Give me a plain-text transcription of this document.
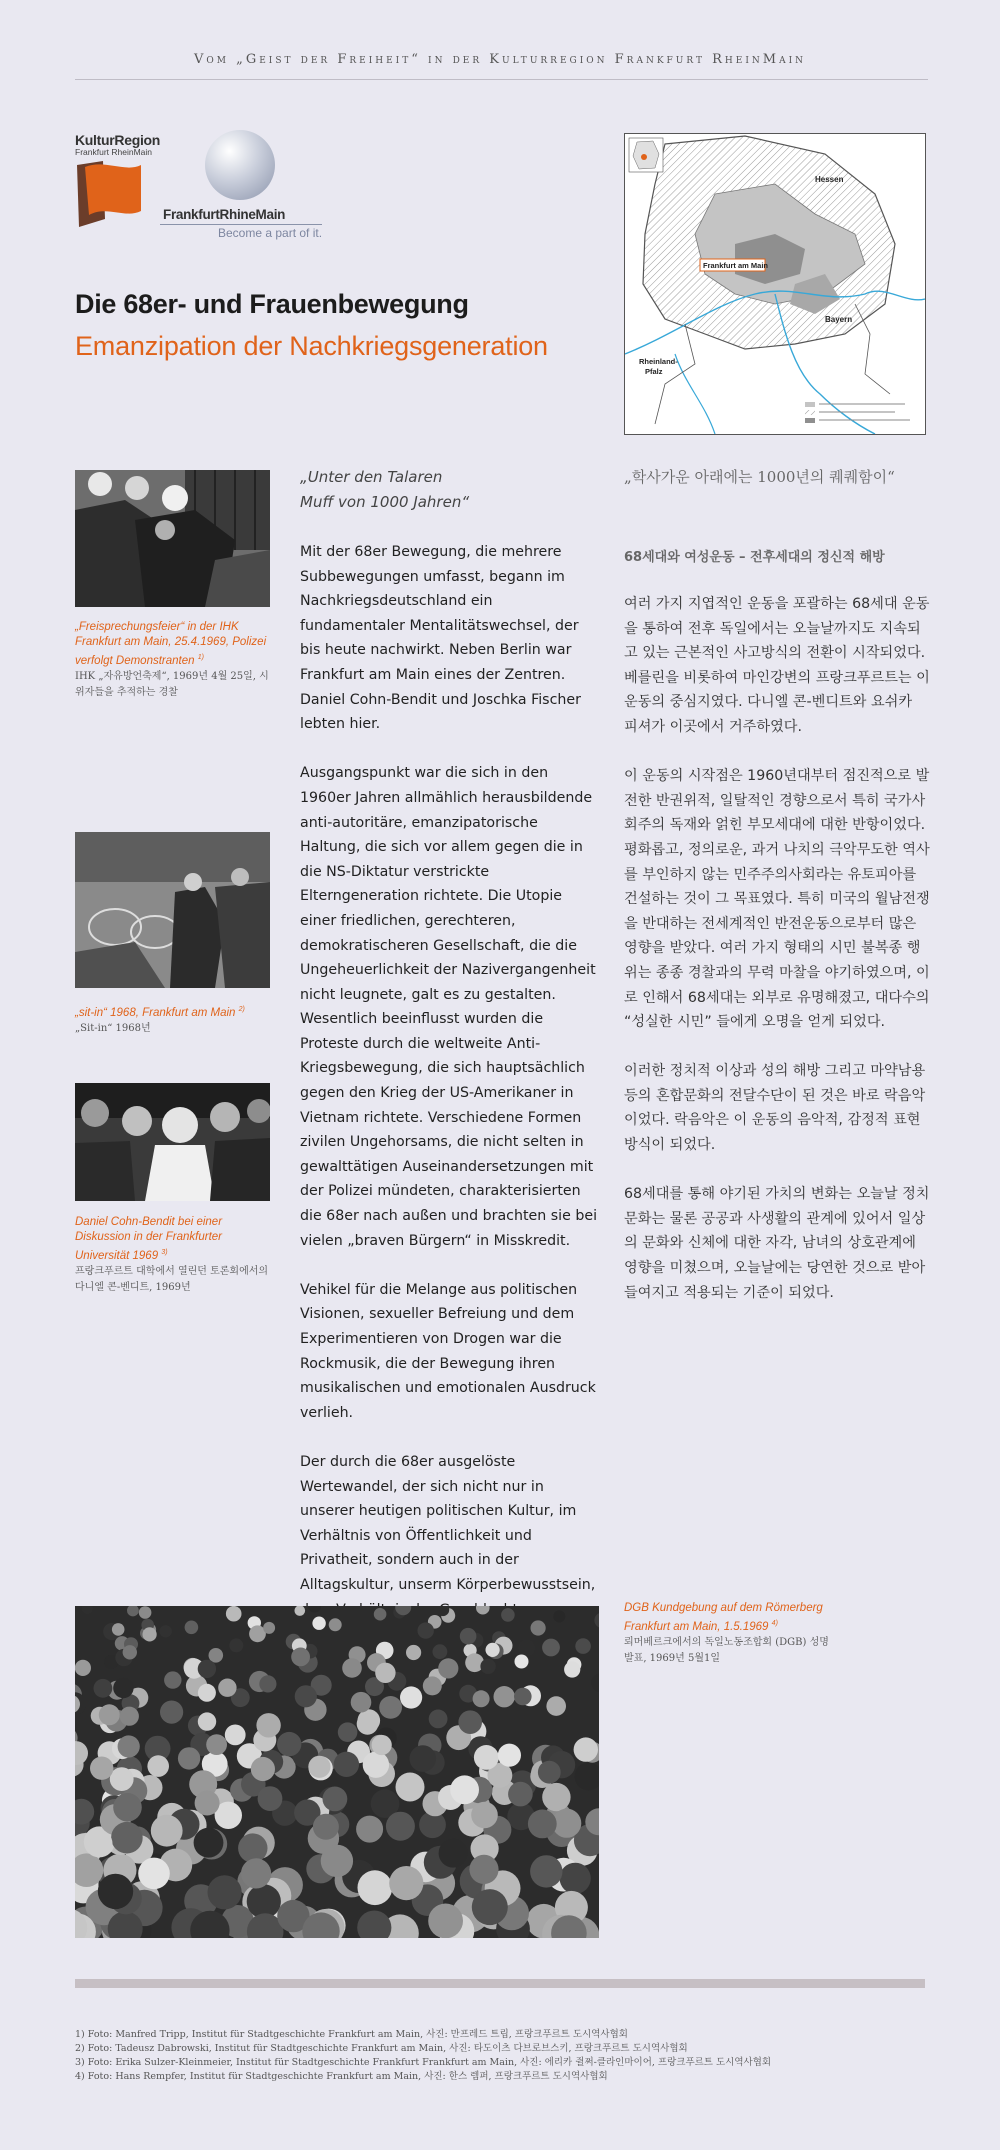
Vom „Geist der Freiheit“ in der Kulturregion Frankfurt RheinMain
KulturRegion
Frankfurt RheinMain
FrankfurtRhineMain
Become a part of it.
Frankfurt am Main
Hessen
Bayern
Rheinland-
Pfalz
Die 68er- und Frauenbewegung
Emanzipation der Nachkriegsgeneration
„Freisprechungsfeier“ in der IHK Frankfurt am Main, 25.4.1969, Polizei verfolgt Demonstranten $^{1)}$
IHK „자유방언축제“, 1969년 4월 25일, 시위자들을 추적하는 경찰
„sit-in“ 1968, Frankfurt am Main $^{2)}$
„Sit-in“ 1968년
Daniel Cohn-Bendit bei einer Diskussion in der Frankfurter Universität 1969 $^{3)}$
프랑크푸르트 대학에서 열린던 토론회에서의 다니엘 콘-벤디트, 1969년
„Unter den Talaren
Muff von 1000 Jahren“

Mit der 68er Bewegung, die mehrere Subbewegungen umfasst, begann im Nachkriegsdeutschland ein fundamentaler Mentalitätswechsel, der bis heute nachwirkt. Neben Berlin war Frankfurt am Main eines der Zentren. Daniel Cohn-Bendit und Joschka Fischer lebten hier.

Ausgangspunkt war die sich in den 1960er Jahren allmählich herausbildende anti-autoritäre, emanzipatorische Haltung, die sich vor allem gegen die in die NS-Diktatur verstrickte Elterngeneration richtete. Die Utopie einer friedlichen, gerechteren, demokratischeren Gesellschaft, die die Ungeheuerlichkeit der Nazivergangenheit nicht leugnete, galt es zu gestalten. Wesentlich beeinflusst wurden die Proteste durch die weltweite Anti-Kriegsbewegung, die sich hauptsächlich gegen den Krieg der US-Amerikaner in Vietnam richtete. Verschiedene Formen zivilen Ungehorsams, die nicht selten in gewalttätigen Auseinandersetzungen mit der Polizei mündeten, charakterisierten die 68er nach außen und brachten sie bei vielen „braven Bürgern“ in Misskredit.

Vehikel für die Melange aus politischen Visionen, sexueller Befreiung und dem Experimentieren von Drogen war die Rockmusik, die der Bewegung ihren musikalischen und emotionalen Ausdruck verlieh.

Der durch die 68er ausgelöste Wertewandel, der sich nicht nur in unserer heutigen politischen Kultur, im Verhältnis von Öffentlichkeit und Privatheit, sondern auch in der Alltagskultur, unserm Körperbewusstsein,

„학사가운 아래에는 1000년의 퀘퀘함이“
68세대와 여성운동 – 전후세대의 정신적 해방

여러 가지 지엽적인 운동을 포괄하는 68세대 운동을 통하여 전후 독일에서는 오늘날까지도 지속되고 있는 근본적인 사고방식의 전환이 시작되었다. 베를린을 비롯하여 마인강변의 프랑크푸르트는 이 운동의 중심지였다. 다니엘 콘-벤디트와 요쉬카 피셔가 이곳에서 거주하였다.

이 운동의 시작점은 1960년대부터 점진적으로 발전한 반권위적, 일탈적인 경향으로서 특히 국가사회주의 독재와 얽힌 부모세대에 대한 반항이었다. 평화롭고, 정의로운, 과거 나치의 극악무도한 역사를 부인하지 않는 민주주의사회라는 유토피아를 건설하는 것이 그 목표였다. 특히 미국의 월남전쟁을 반대하는 전세계적인 반전운동으로부터 많은 영향을 받았다. 여러 가지 형태의 시민 불복종 행위는 종종 경찰과의 무력 마찰을 야기하였으며, 이로 인해서 68세대는 외부로 유명해졌고, 대다수의 “성실한 시민” 들에게 오명을 얻게 되었다.

이러한 정치적 이상과 성의 해방 그리고 마약남용 등의 혼합문화의 전달수단이 된 것은 바로 락음악이었다. 락음악은 이 운동의 음악적, 감정적 표현방식이 되었다.

68세대를 통해 야기된 가치의 변화는 오늘날 정치문화는 물론 공공과 사생활의 관계에 있어서 일상의 문화와 신체에 대한 자각, 남녀의 상호관계에 영향을 미쳤으며, 오늘날에는 당연한 것으로 받아들여지고 적용되는 기준이 되었다.

DGB Kundgebung auf dem Römerberg Frankfurt am Main, 1.5.1969 $^{4)}$
뢰머베르크에서의 독일노동조합회 (DGB) 성명발표, 1969년 5월1일
1) Foto: Manfred Tripp, Institut für Stadtgeschichte Frankfurt am Main, 사진: 만프레드 트립, 프랑크푸르트 도시역사협회
2) Foto: Tadeusz Dabrowski, Institut für Stadtgeschichte Frankfurt am Main, 사진: 타도이츠 다브로브스키, 프랑크푸르트 도시역사협회
3) Foto: Erika Sulzer-Kleinmeier, Institut für Stadtgeschichte Frankfurt Frankfurt am Main, 사진: 에리카 쥘쩌-클라인마이어, 프랑크푸르트 도시역사협회
4) Foto: Hans Rempfer, Institut für Stadtgeschichte Frankfurt am Main, 사진: 한스 렘퍼, 프랑크푸르트 도시역사협회
